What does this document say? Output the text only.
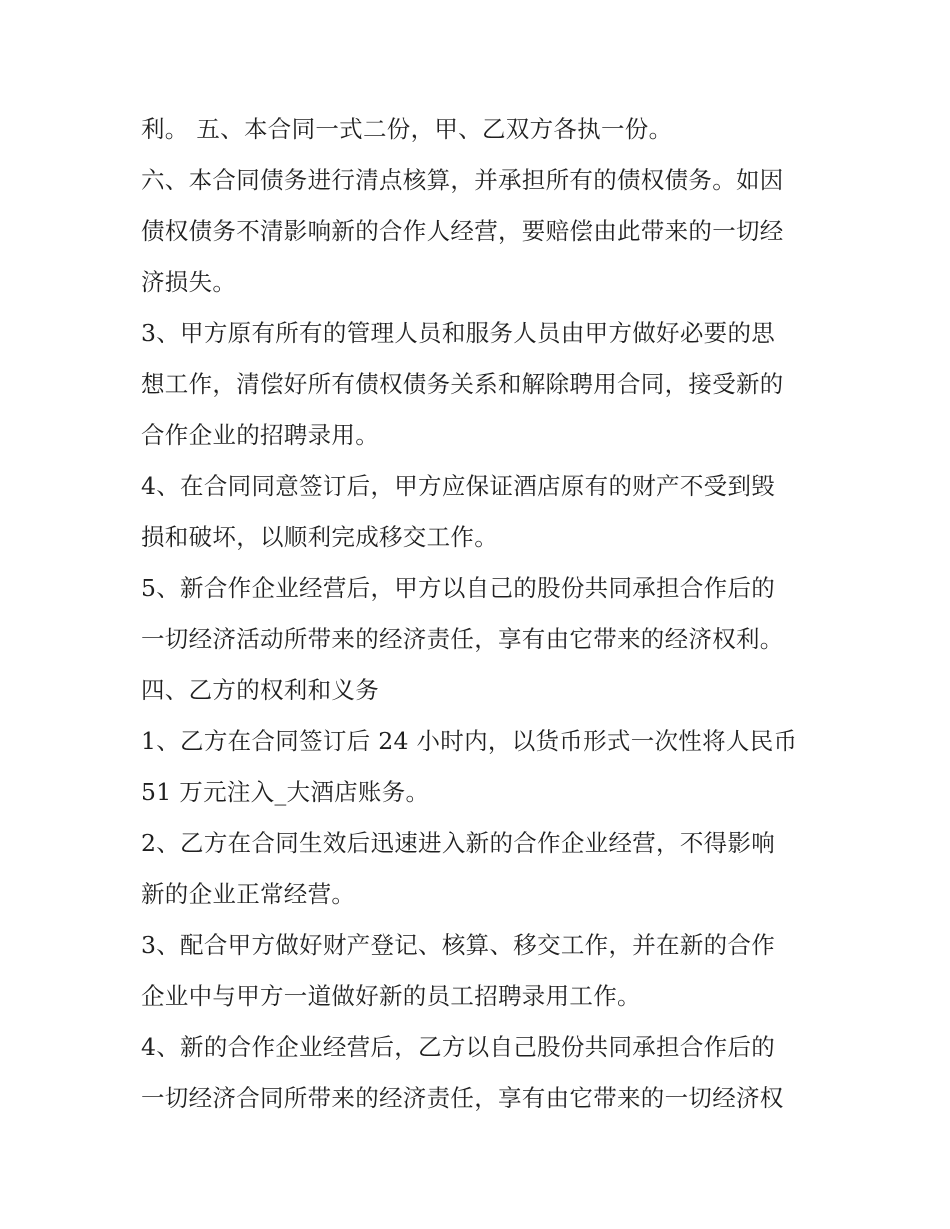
利。 五、本合同一式二份，甲、乙双方各执一份。
六、本合同债务进行清点核算，并承担所有的债权债务。如因
债权债务不清影响新的合作人经营，要赔偿由此带来的一切经
济损失。
3、甲方原有所有的管理人员和服务人员由甲方做好必要的思
想工作，清偿好所有债权债务关系和解除聘用合同，接受新的
合作企业的招聘录用。
4、在合同同意签订后，甲方应保证酒店原有的财产不受到毁
损和破坏，以顺利完成移交工作。
5、新合作企业经营后，甲方以自己的股份共同承担合作后的
一切经济活动所带来的经济责任，享有由它带来的经济权利。
四、乙方的权利和义务
1、乙方在合同签订后 24 小时内，以货币形式一次性将人民币
51 万元注入_大酒店账务。
2、乙方在合同生效后迅速进入新的合作企业经营，不得影响
新的企业正常经营。
3、配合甲方做好财产登记、核算、移交工作，并在新的合作
企业中与甲方一道做好新的员工招聘录用工作。
4、新的合作企业经营后，乙方以自己股份共同承担合作后的
一切经济合同所带来的经济责任，享有由它带来的一切经济权
